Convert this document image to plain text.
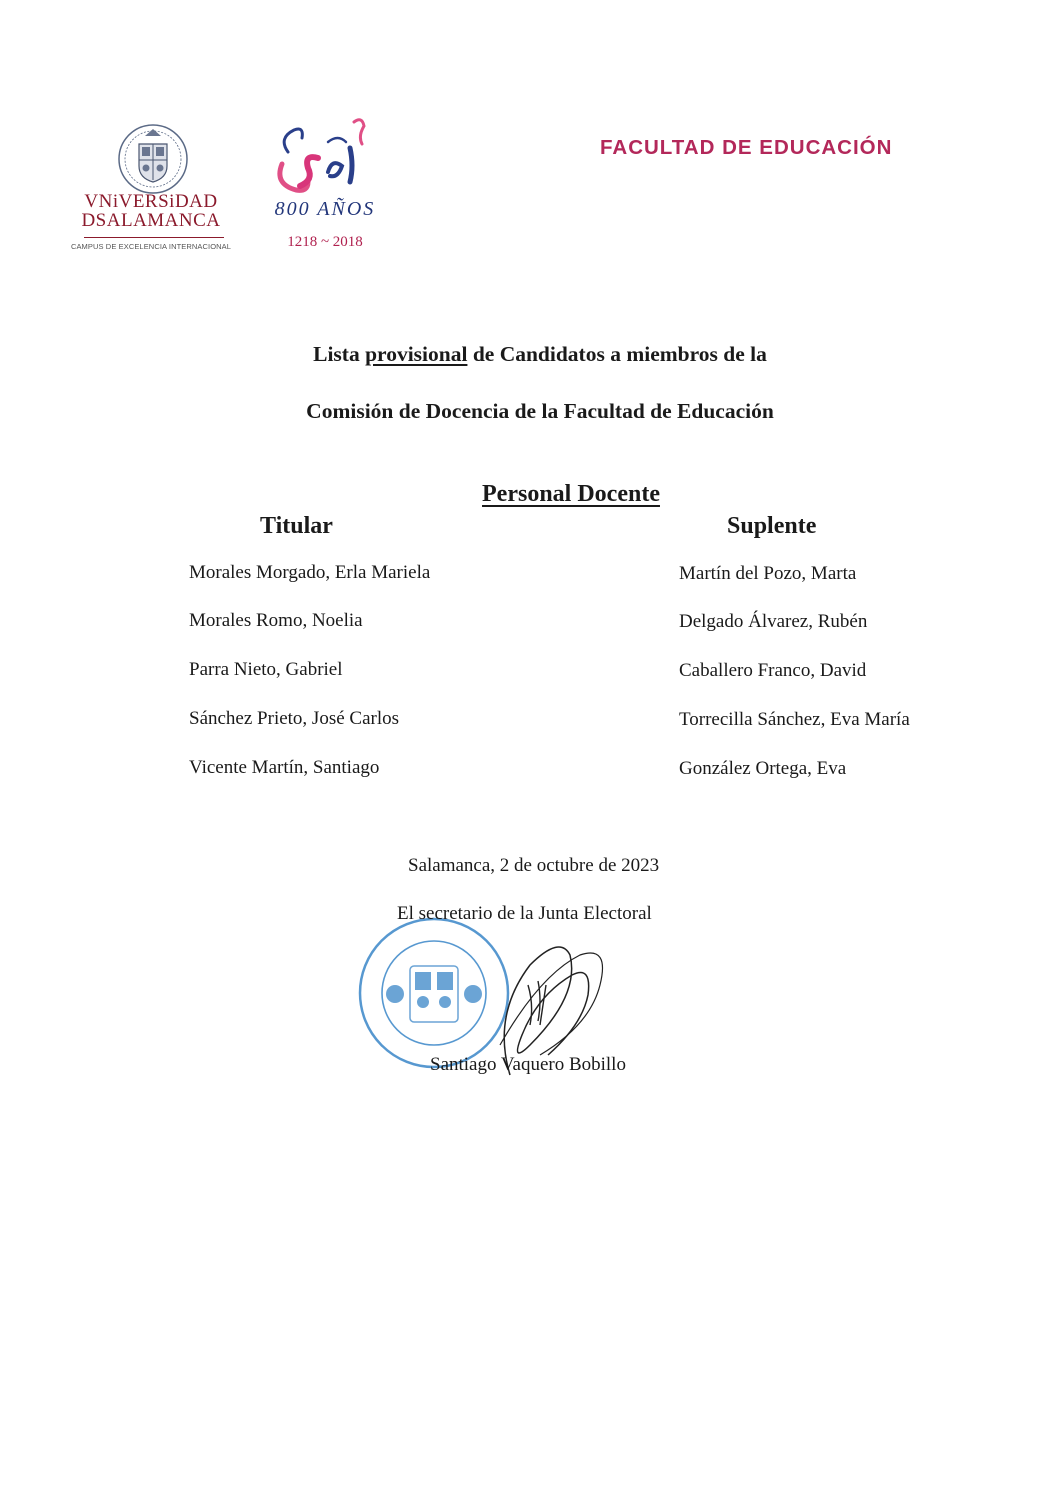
VNiVERSiDAD
DSALAMANCA
CAMPUS DE EXCELENCIA INTERNACIONAL
800 AÑOS
1218 ~ 2018
FACULTAD DE EDUCACIÓN
Lista provisional de Candidatos a miembros de la
Comisión de Docencia de la Facultad de Educación
Personal Docente
Titular	Suplente
Morales Morgado, Erla Mariela
Morales Romo, Noelia
Parra Nieto, Gabriel
Sánchez Prieto, José Carlos
Vicente Martín, Santiago
Martín del Pozo, Marta
Delgado Álvarez, Rubén
Caballero Franco, David
Torrecilla Sánchez, Eva María
González Ortega, Eva
Salamanca, 2 de octubre de 2023
El secretario de la Junta Electoral
Santiago Vaquero Bobillo
